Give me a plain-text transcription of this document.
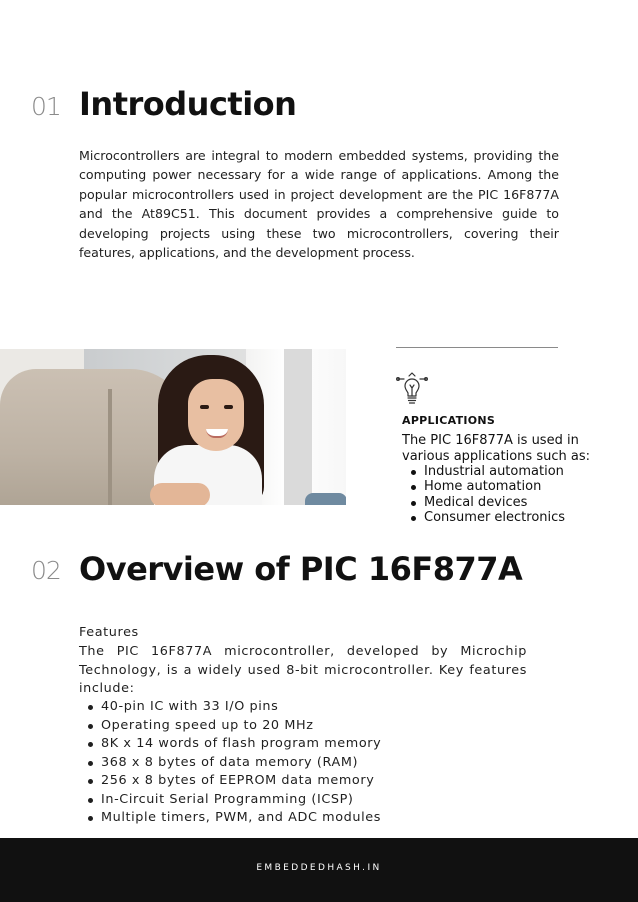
01 Introduction

Microcontrollers are integral to modern embedded systems, providing the computing power necessary for a wide range of applications. Among the popular microcontrollers used in project development are the PIC 16F877A and the At89C51. This document provides a comprehensive guide to developing projects using these two microcontrollers, covering their features, applications, and the development process.

APPLICATIONS

The PIC 16F877A is used in various applications such as:

Industrial automation
Home automation
Medical devices
Consumer electronics
02 Overview of PIC 16F877A
Features

The PIC 16F877A microcontroller, developed by Microchip Technology, is a widely used 8-bit microcontroller. Key features include:

40-pin IC with 33 I/O pins
Operating speed up to 20 MHz
8K x 14 words of flash program memory
368 x 8 bytes of data memory (RAM)
256 x 8 bytes of EEPROM data memory
In-Circuit Serial Programming (ICSP)
Multiple timers, PWM, and ADC modules
EMBEDDEDHASH.IN
